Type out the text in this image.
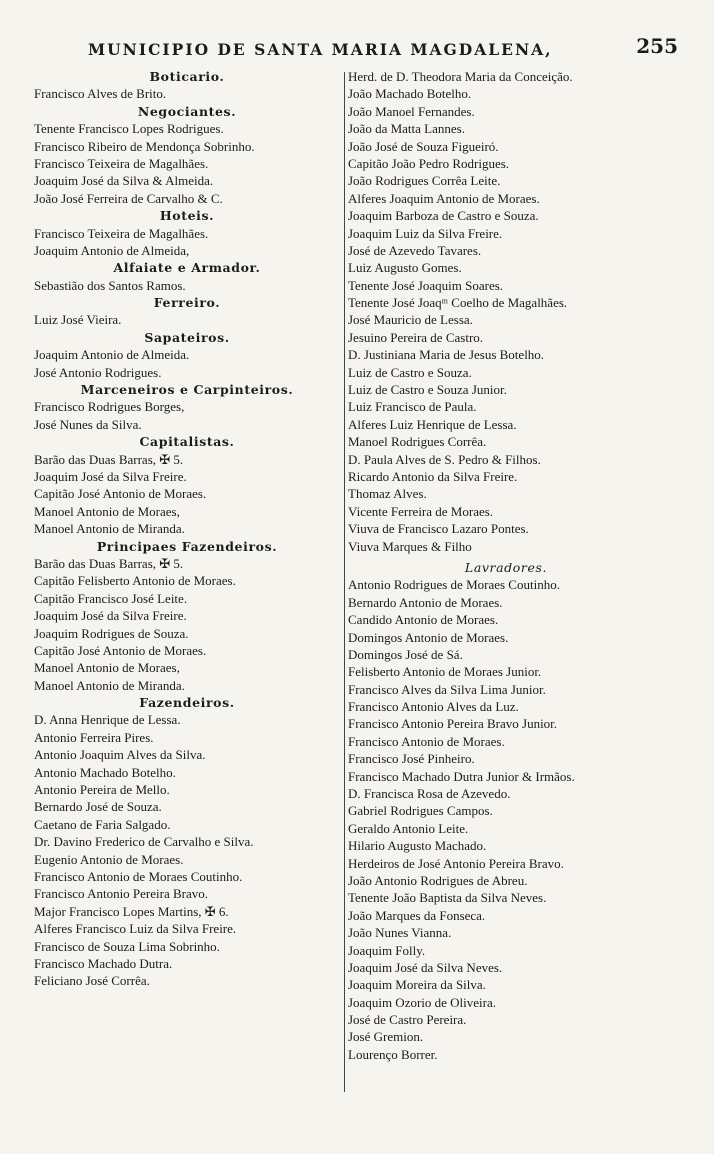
MUNICIPIO DE SANTA MARIA MAGDALENA,	255
Boticario.
Francisco Alves de Brito.
Negociantes.
Tenente Francisco Lopes Rodrigues.
Francisco Ribeiro de Mendonça Sobrinho.
Francisco Teixeira de Magalhães.
Joaquim José da Silva & Almeida.
João José Ferreira de Carvalho & C.
Hoteis.
Francisco Teixeira de Magalhães.
Joaquim Antonio de Almeida,
Alfaiate e Armador.
Sebastião dos Santos Ramos.
Ferreiro.
Luiz José Vieira.
Sapateiros.
Joaquim Antonio de Almeida.
José Antonio Rodrigues.
Marceneiros e Carpinteiros.
Francisco Rodrigues Borges,
José Nunes da Silva.
Capitalistas.
Barão das Duas Barras, ✠ 5.
Joaquim José da Silva Freire.
Capitão José Antonio de Moraes.
Manoel Antonio de Moraes,
Manoel Antonio de Miranda.
Principaes Fazendeiros.
Barão das Duas Barras, ✠ 5.
Capitão Felisberto Antonio de Moraes.
Capitão Francisco José Leite.
Joaquim José da Silva Freire.
Joaquim Rodrigues de Souza.
Capitão José Antonio de Moraes.
Manoel Antonio de Moraes,
Manoel Antonio de Miranda.
Fazendeiros.
D. Anna Henrique de Lessa.
Antonio Ferreira Pires.
Antonio Joaquim Alves da Silva.
Antonio Machado Botelho.
Antonio Pereira de Mello.
Bernardo José de Souza.
Caetano de Faria Salgado.
Dr. Davino Frederico de Carvalho e Silva.
Eugenio Antonio de Moraes.
Francisco Antonio de Moraes Coutinho.
Francisco Antonio Pereira Bravo.
Major Francisco Lopes Martins, ✠ 6.
Alferes Francisco Luiz da Silva Freire.
Francisco de Souza Lima Sobrinho.
Francisco Machado Dutra.
Feliciano José Corrêa.
Herd. de D. Theodora Maria da Conceição.
João Machado Botelho.
João Manoel Fernandes.
João da Matta Lannes.
João José de Souza Figueiró.
Capitão João Pedro Rodrigues.
João Rodrigues Corrêa Leite.
Alferes Joaquim Antonio de Moraes.
Joaquim Barboza de Castro e Souza.
Joaquim Luiz da Silva Freire.
José de Azevedo Tavares.
Luiz Augusto Gomes.
Tenente José Joaquim Soares.
Tenente José Joaqᵐ Coelho de Magalhães.
José Mauricio de Lessa.
Jesuino Pereira de Castro.
D. Justiniana Maria de Jesus Botelho.
Luiz de Castro e Souza.
Luiz de Castro e Souza Junior.
Luiz Francisco de Paula.
Alferes Luiz Henrique de Lessa.
Manoel Rodrigues Corrêa.
D. Paula Alves de S. Pedro & Filhos.
Ricardo Antonio da Silva Freire.
Thomaz Alves.
Vicente Ferreira de Moraes.
Viuva de Francisco Lazaro Pontes.
Viuva Marques & Filho
Lavradores.
Antonio Rodrigues de Moraes Coutinho.
Bernardo Antonio de Moraes.
Candido Antonio de Moraes.
Domingos Antonio de Moraes.
Domingos José de Sá.
Felisberto Antonio de Moraes Junior.
Francisco Alves da Silva Lima Junior.
Francisco Antonio Alves da Luz.
Francisco Antonio Pereira Bravo Junior.
Francisco Antonio de Moraes.
Francisco José Pinheiro.
Francisco Machado Dutra Junior & Irmãos.
D. Francisca Rosa de Azevedo.
Gabriel Rodrigues Campos.
Geraldo Antonio Leite.
Hilario Augusto Machado.
Herdeiros de José Antonio Pereira Bravo.
João Antonio Rodrigues de Abreu.
Tenente João Baptista da Silva Neves.
João Marques da Fonseca.
João Nunes Vianna.
Joaquim Folly.
Joaquim José da Silva Neves.
Joaquim Moreira da Silva.
Joaquim Ozorio de Oliveira.
José de Castro Pereira.
José Gremion.
Lourenço Borrer.
